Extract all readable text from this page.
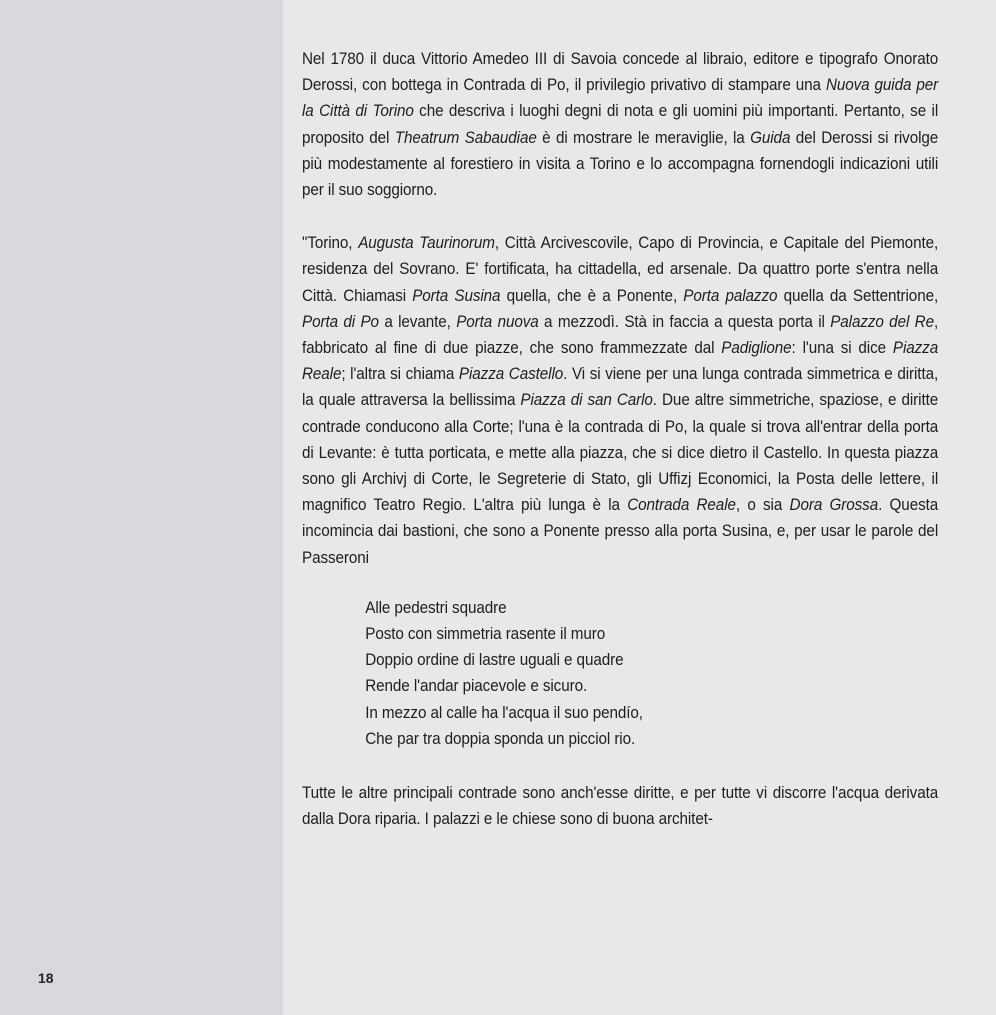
Nel 1780 il duca Vittorio Amedeo III di Savoia concede al libraio, editore e tipografo Onorato Derossi, con bottega in Contrada di Po, il privilegio privativo di stampare una Nuova guida per la Città di Torino che descriva i luoghi degni di nota e gli uomini più importanti. Pertanto, se il proposito del Theatrum Sabaudiae è di mostrare le meraviglie, la Guida del Derossi si rivolge più modestamente al forestiero in visita a Torino e lo accompagna fornendogli indicazioni utili per il suo soggiorno.

"Torino, Augusta Taurinorum, Città Arcivescovile, Capo di Provincia, e Capitale del Piemonte, residenza del Sovrano. E' fortificata, ha cittadella, ed arsenale. Da quattro porte s'entra nella Città. Chiamasi Porta Susina quella, che è a Ponente, Porta palazzo quella da Settentrione, Porta di Po a levante, Porta nuova a mezzodì. Stà in faccia a questa porta il Palazzo del Re, fabbricato al fine di due piazze, che sono frammezzate dal Padiglione: l'una si dice Piazza Reale; l'altra si chiama Piazza Castello. Vi si viene per una lunga contrada simmetrica e diritta, la quale attraversa la bellissima Piazza di san Carlo. Due altre simmetriche, spaziose, e diritte contrade conducono alla Corte; l'una è la contrada di Po, la quale si trova all'entrar della porta di Levante: è tutta porticata, e mette alla piazza, che si dice dietro il Castello. In questa piazza sono gli Archivj di Corte, le Segreterie di Stato, gli Uffizj Economici, la Posta delle lettere, il magnifico Teatro Regio. L'altra più lunga è la Contrada Reale, o sia Dora Grossa. Questa incomincia dai bastioni, che sono a Ponente presso alla porta Susina, e, per usar le parole del Passeroni

Alle pedestri squadre
Posto con simmetria rasente il muro
Doppio ordine di lastre uguali e quadre
Rende l'andar piacevole e sicuro.
In mezzo al calle ha l'acqua il suo pendío,
Che par tra doppia sponda un picciol rio.

Tutte le altre principali contrade sono anch'esse diritte, e per tutte vi discorre l'acqua derivata dalla Dora riparia. I palazzi e le chiese sono di buona architet-

18
